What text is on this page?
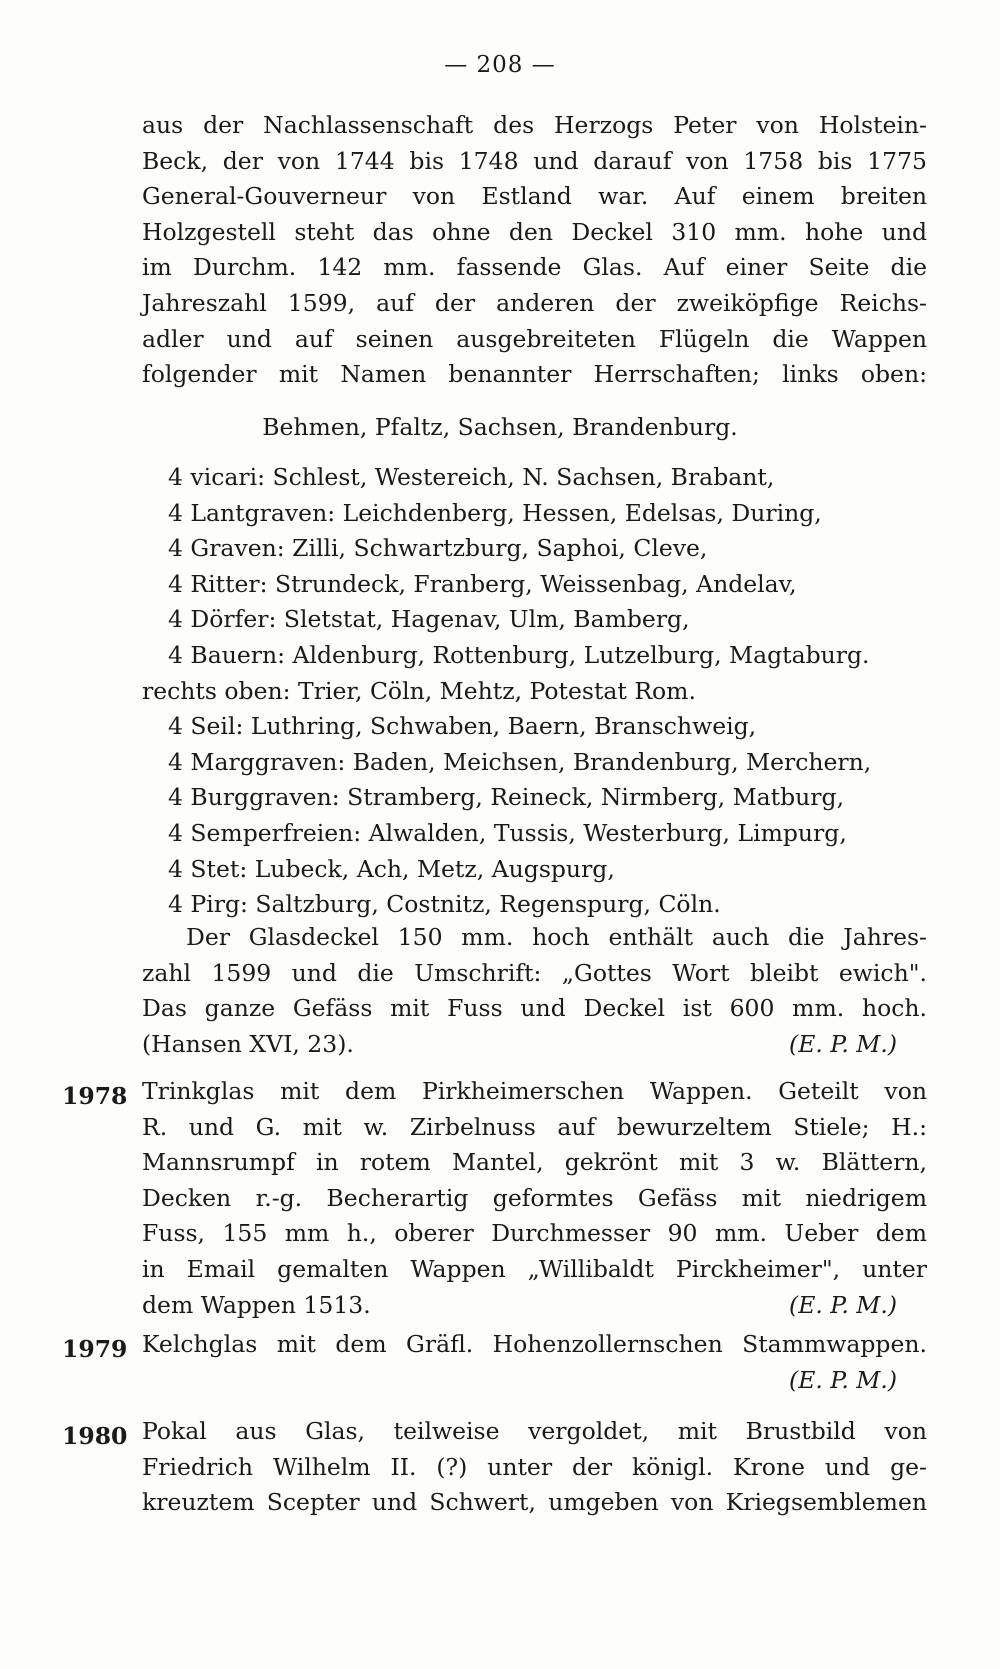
— 208 —
aus der Nachlassenschaft des Herzogs Peter von Holstein-
Beck, der von 1744 bis 1748 und darauf von 1758 bis 1775
General-Gouverneur von Estland war. Auf einem breiten
Holzgestell steht das ohne den Deckel 310 mm. hohe und
im Durchm. 142 mm. fassende Glas. Auf einer Seite die
Jahreszahl 1599, auf der anderen der zweiköpfige Reichs-
adler und auf seinen ausgebreiteten Flügeln die Wappen
folgender mit Namen benannter Herrschaften; links oben:
Behmen, Pfaltz, Sachsen, Brandenburg.
4 vicari: Schlest, Westereich, N. Sachsen, Brabant,
4 Lantgraven: Leichdenberg, Hessen, Edelsas, During,
4 Graven: Zilli, Schwartzburg, Saphoi, Cleve,
4 Ritter: Strundeck, Franberg, Weissenbag, Andelav,
4 Dörfer: Sletstat, Hagenav, Ulm, Bamberg,
4 Bauern: Aldenburg, Rottenburg, Lutzelburg, Magtaburg.
rechts oben: Trier, Cöln, Mehtz, Potestat Rom.
4 Seil: Luthring, Schwaben, Baern, Branschweig,
4 Marggraven: Baden, Meichsen, Brandenburg, Merchern,
4 Burggraven: Stramberg, Reineck, Nirmberg, Matburg,
4 Semperfreien: Alwalden, Tussis, Westerburg, Limpurg,
4 Stet: Lubeck, Ach, Metz, Augspurg,
4 Pirg: Saltzburg, Costnitz, Regenspurg, Cöln.
Der Glasdeckel 150 mm. hoch enthält auch die Jahres-
zahl 1599 und die Umschrift: „Gottes Wort bleibt ewich".
Das ganze Gefäss mit Fuss und Deckel ist 600 mm. hoch.
(Hansen XVI, 23).	(E. P. M.)
1978 Trinkglas mit dem Pirkheimerschen Wappen. Geteilt von
R. und G. mit w. Zirbelnuss auf bewurzeltem Stiele; H.:
Mannsrumpf in rotem Mantel, gekrönt mit 3 w. Blättern,
Decken r.-g. Becherartig geformtes Gefäss mit niedrigem
Fuss, 155 mm h., oberer Durchmesser 90 mm. Ueber dem
in Email gemalten Wappen „Willibaldt Pirckheimer", unter
dem Wappen 1513.	(E. P. M.)
1979 Kelchglas mit dem Gräfl. Hohenzollernschen Stammwappen.
(E. P. M.)
1980 Pokal aus Glas, teilweise vergoldet, mit Brustbild von
Friedrich Wilhelm II. (?) unter der königl. Krone und ge-
kreuztem Scepter und Schwert, umgeben von Kriegsemblemen
